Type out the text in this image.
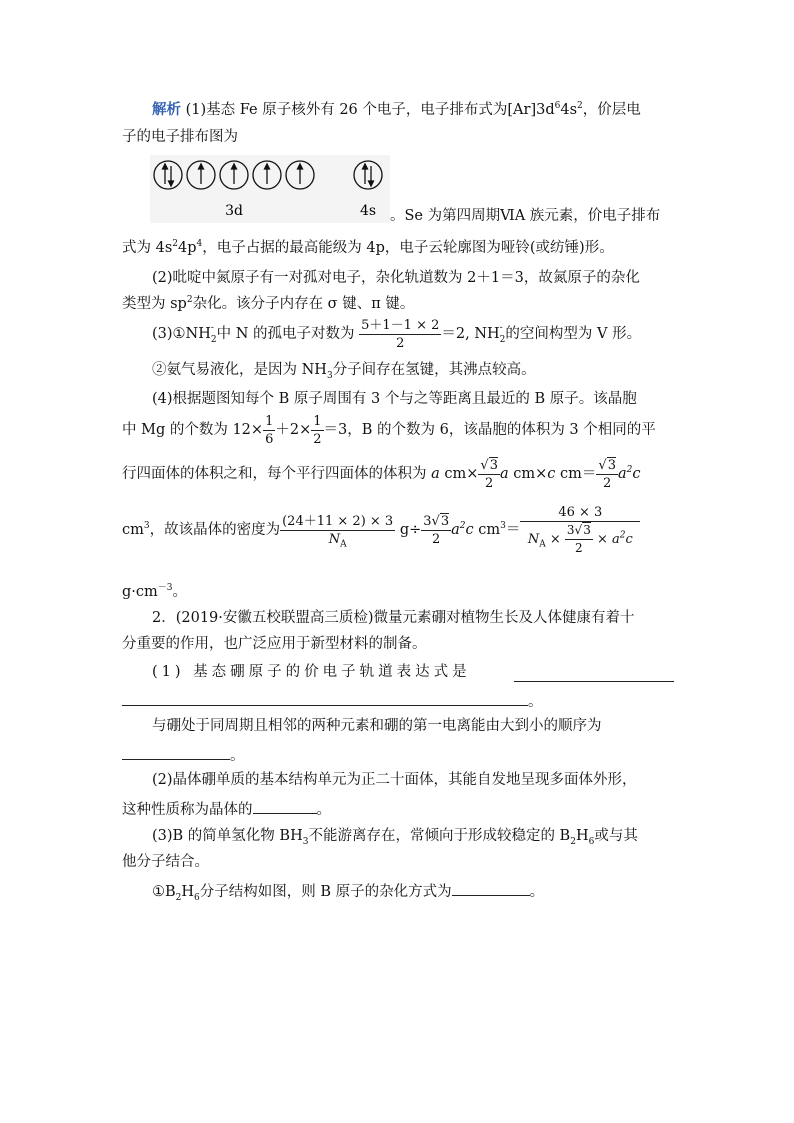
解析 (1)基态 Fe 原子核外有 26 个电子，电子排布式为$[Ar]3d^64s^2$，价层电
子的电子排布图为
3d	4s 。Se 为第四周期ⅥA 族元素，价电子排布
式为 $4s^24p^4$，电子占据的最高能级为 4p，电子云轮廓图为哑铃(或纺锤)形。
(2)吡啶中氮原子有一对孤对电子，杂化轨道数为 2＋1＝3，故氮原子的杂化
类型为 $sp^2$杂化。该分子内存在 σ 键、π 键。
(3)①NH -
2 中 N 的孤电子对数为 $\frac{5+1-1 \times 2}{2} =2$, NH -
2 的空间构型为 V 形。
②氨气易液化，是因为 $NH_3$分子间存在氢键，其沸点较高。
(4)根据题图知每个 B 原子周围有 3 个与之等距离且最近的 B 原子。该晶胞
中 Mg 的个数为 $12\times \frac{1}{6} +2\times \frac{1}{2} =3$，B 的个数为 6，该晶胞的体积为 3 个相同的平
行四面体的体积之和，每个平行四面体的体积为 a $cm\times \frac{√3}{2}$ a cm×c $cm= \frac{√3}{2} a^2c$
$cm^3$，故该晶体的密度为 $\frac{(24+11 \times 2) \times 3}{N_A} g\div \frac{3√3}{2} a^2c$ $cm^3= \frac{46 \times 3}{N_A \times \frac{3√3}{2} \times a^2c}$
$g\cdot cm^{-3}$。
2．(2019·安徽五校联盟高三质检)微量元素硼对植物生长及人体健康有着十
分重要的作用，也广泛应用于新型材料的制备。
(1) 基态硼原子的价电子轨道表达式是
。
与硼处于同周期且相邻的两种元素和硼的第一电离能由大到小的顺序为
。
(2)晶体硼单质的基本结构单元为正二十面体，其能自发地呈现多面体外形，
这种性质称为晶体的	。
(3)B 的简单氢化物 $BH_3$不能游离存在，常倾向于形成较稳定的 $B_2H_6$或与其
他分子结合。
$①B_2H_6$分子结构如图，则 B 原子的杂化方式为	。
